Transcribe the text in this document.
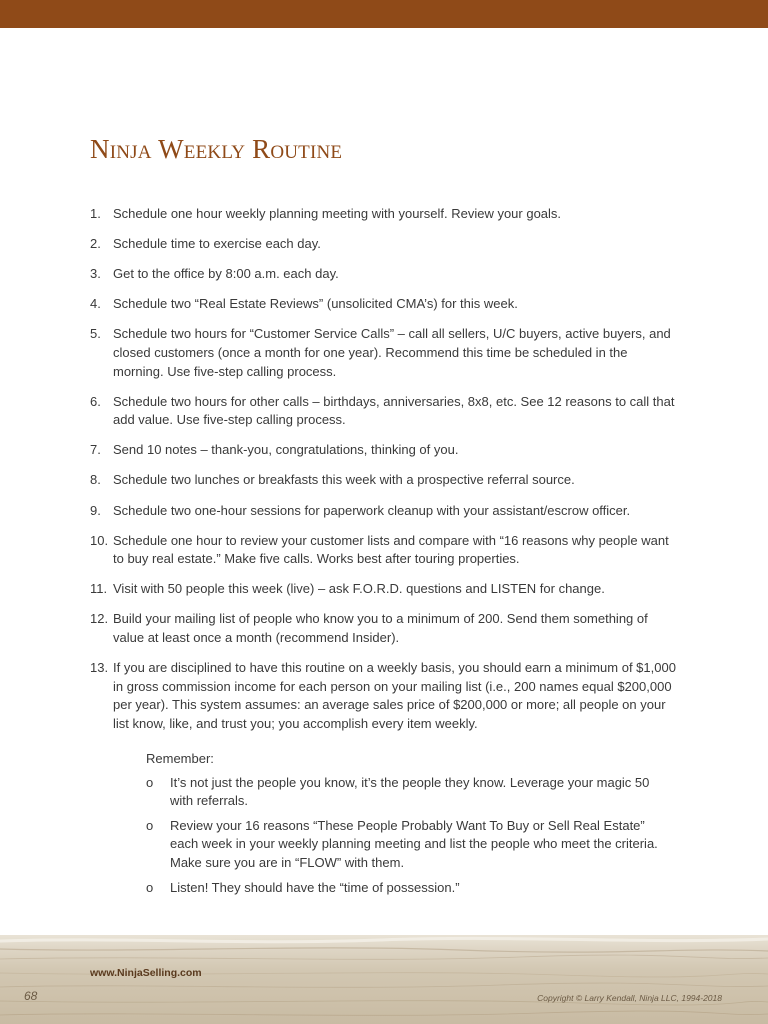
Ninja Weekly Routine
1. Schedule one hour weekly planning meeting with yourself. Review your goals.
2. Schedule time to exercise each day.
3. Get to the office by 8:00 a.m. each day.
4. Schedule two “Real Estate Reviews” (unsolicited CMA’s) for this week.
5. Schedule two hours for “Customer Service Calls” – call all sellers, U/C buyers, active buyers, and closed customers (once a month for one year). Recommend this time be scheduled in the morning. Use five-step calling process.
6. Schedule two hours for other calls – birthdays, anniversaries, 8x8, etc. See 12 reasons to call that add value. Use five-step calling process.
7. Send 10 notes – thank-you, congratulations, thinking of you.
8. Schedule two lunches or breakfasts this week with a prospective referral source.
9. Schedule two one-hour sessions for paperwork cleanup with your assistant/escrow officer.
10. Schedule one hour to review your customer lists and compare with “16 reasons why people want to buy real estate.” Make five calls. Works best after touring properties.
11. Visit with 50 people this week (live) – ask F.O.R.D. questions and LISTEN for change.
12. Build your mailing list of people who know you to a minimum of 200. Send them something of value at least once a month (recommend Insider).
13. If you are disciplined to have this routine on a weekly basis, you should earn a minimum of $1,000 in gross commission income for each person on your mailing list (i.e., 200 names equal $200,000 per year). This system assumes: an average sales price of $200,000 or more; all people on your list know, like, and trust you; you accomplish every item weekly.
Remember:
o	It’s not just the people you know, it’s the people they know. Leverage your magic 50 with referrals.
o	Review your 16 reasons “These People Probably Want To Buy or Sell Real Estate” each week in your weekly planning meeting and list the people who meet the criteria. Make sure you are in “FLOW” with them.
o	Listen! They should have the “time of possession.”
www.NinjaSelling.com
68	Copyright © Larry Kendall, Ninja LLC, 1994-2018
